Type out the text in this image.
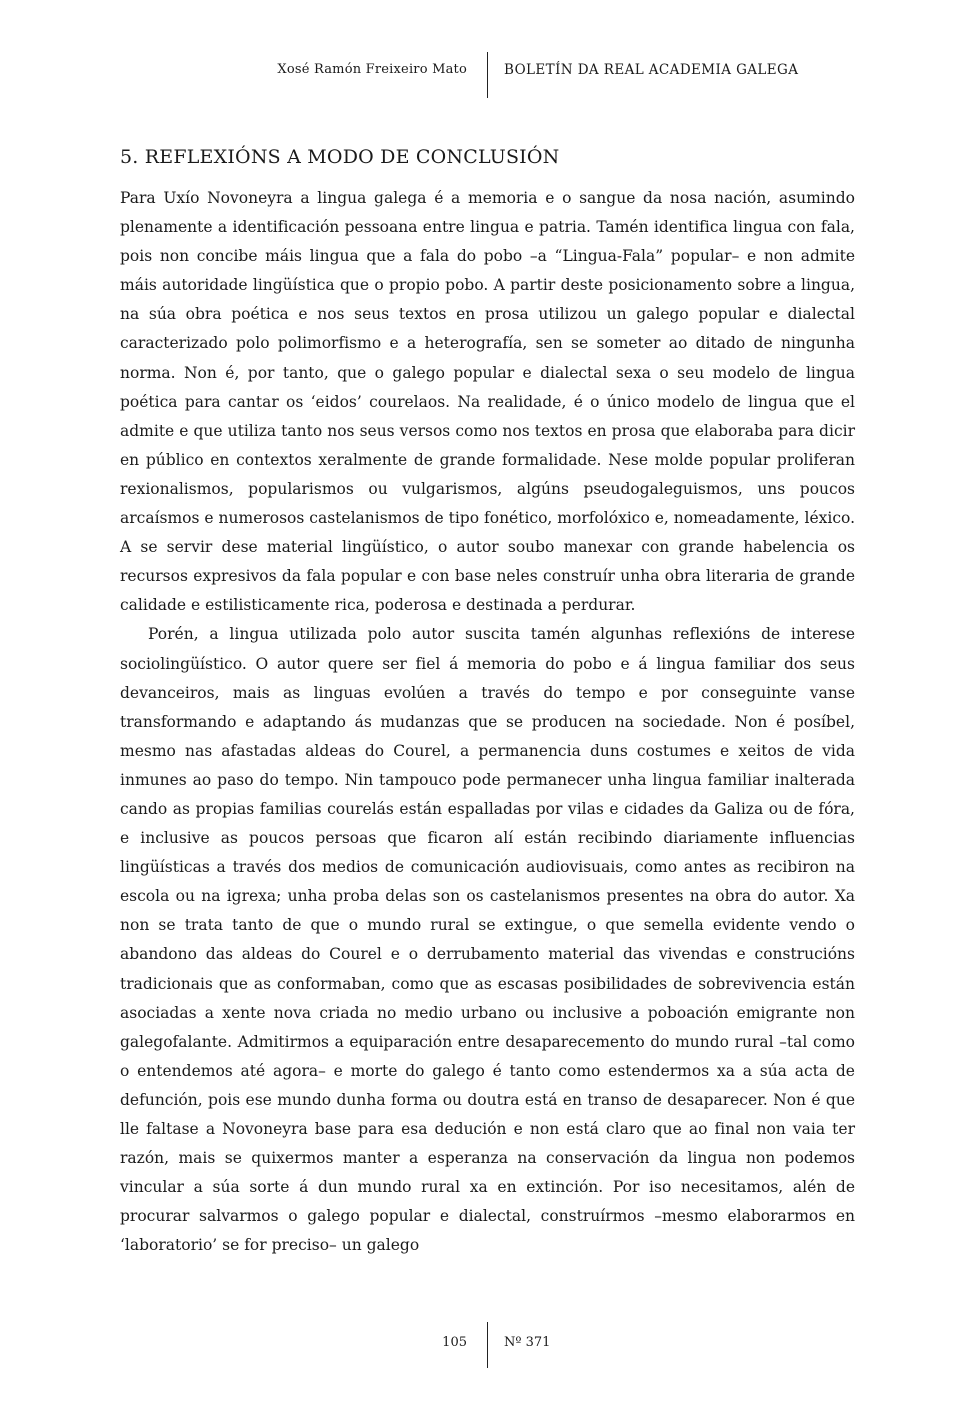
Xosé Ramón Freixeiro Mato	BOLETÍN DA REAL ACADEMIA GALEGA
5. REFLEXIÓNS A MODO DE CONCLUSIÓN

Para Uxío Novoneyra a lingua galega é a memoria e o sangue da nosa nación, asumindo plenamente a identificación pessoana entre lingua e patria. Tamén identifica lingua con fala, pois non concibe máis lingua que a fala do pobo –a “Lingua-Fala” popular– e non admite máis autoridade lingüística que o propio pobo. A partir deste posicionamento sobre a lingua, na súa obra poética e nos seus textos en prosa utilizou un galego popular e dialectal caracterizado polo polimorfismo e a heterografía, sen se someter ao ditado de ningunha norma. Non é, por tanto, que o galego popular e dialectal sexa o seu modelo de lingua poética para cantar os ‘eidos’ courelaos. Na realidade, é o único modelo de lingua que el admite e que utiliza tanto nos seus versos como nos textos en prosa que elaboraba para dicir en público en contextos xeralmente de grande formalidade. Nese molde popular proliferan rexionalismos, popularismos ou vulgarismos, algúns pseudogaleguismos, uns poucos arcaísmos e numerosos castelanismos de tipo fonético, morfolóxico e, nomeadamente, léxico. A se servir dese material lingüístico, o autor soubo manexar con grande habelencia os recursos expresivos da fala popular e con base neles construír unha obra literaria de grande calidade e estilisticamente rica, poderosa e destinada a perdurar.

Porén, a lingua utilizada polo autor suscita tamén algunhas reflexións de interese sociolingüístico. O autor quere ser fiel á memoria do pobo e á lingua familiar dos seus devanceiros, mais as linguas evolúen a través do tempo e por conseguinte vanse transformando e adaptando ás mudanzas que se producen na sociedade. Non é posíbel, mesmo nas afastadas aldeas do Courel, a permanencia duns costumes e xeitos de vida inmunes ao paso do tempo. Nin tampouco pode permanecer unha lingua familiar inalterada cando as propias familias courelás están espalladas por vilas e cidades da Galiza ou de fóra, e inclusive as poucos persoas que ficaron alí están recibindo diariamente influencias lingüísticas a través dos medios de comunicación audiovisuais, como antes as recibiron na escola ou na igrexa; unha proba delas son os castelanismos presentes na obra do autor. Xa non se trata tanto de que o mundo rural se extingue, o que semella evidente vendo o abandono das aldeas do Courel e o derrubamento material das vivendas e construcións tradicionais que as conformaban, como que as escasas posibilidades de sobrevivencia están asociadas a xente nova criada no medio urbano ou inclusive a poboación emigrante non galegofalante. Admitirmos a equiparación entre desaparecemento do mundo rural –tal como o entendemos até agora– e morte do galego é tanto como estendermos xa a súa acta de defunción, pois ese mundo dunha forma ou doutra está en transo de desaparecer. Non é que lle faltase a Novoneyra base para esa dedución e non está claro que ao final non vaia ter razón, mais se quixermos manter a esperanza na conservación da lingua non podemos vincular a súa sorte á dun mundo rural xa en extinción. Por iso necesitamos, alén de procurar salvarmos o galego popular e dialectal, construírmos –mesmo elaborarmos en ‘laboratorio’ se for preciso– un galego

105	Nº 371
